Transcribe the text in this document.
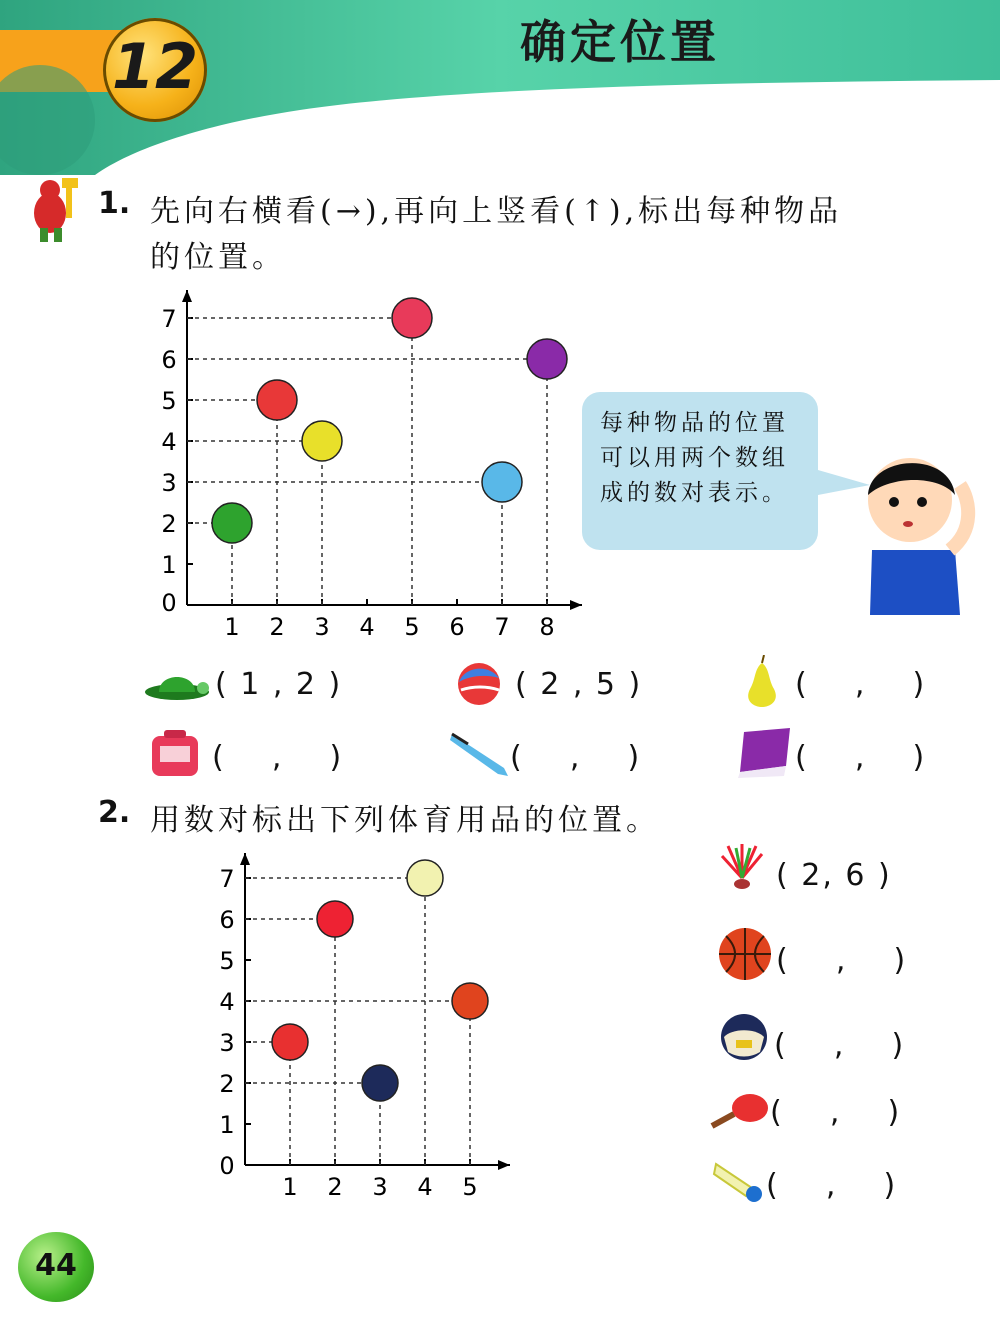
12	确定位置
1. 先向右横看(→),再向上竖看(↑),标出每种物品
的位置。
1 2 3 4 5 6 7 8
0
1
2
3
4
5
6
7
每种物品的位置可以用两个数组成的数对表示。
( 1 , 2 )	( 2 , 5 )	(    ,    )
(    ,    )	(    ,    )	(    ,    )
2. 用数对标出下列体育用品的位置。
1 2 3 4 5
0
1
2
3
4
5
6
7	( 2, 6 )
(    ,    )
(    ,    )
(    ,    )
(    ,    )
44
